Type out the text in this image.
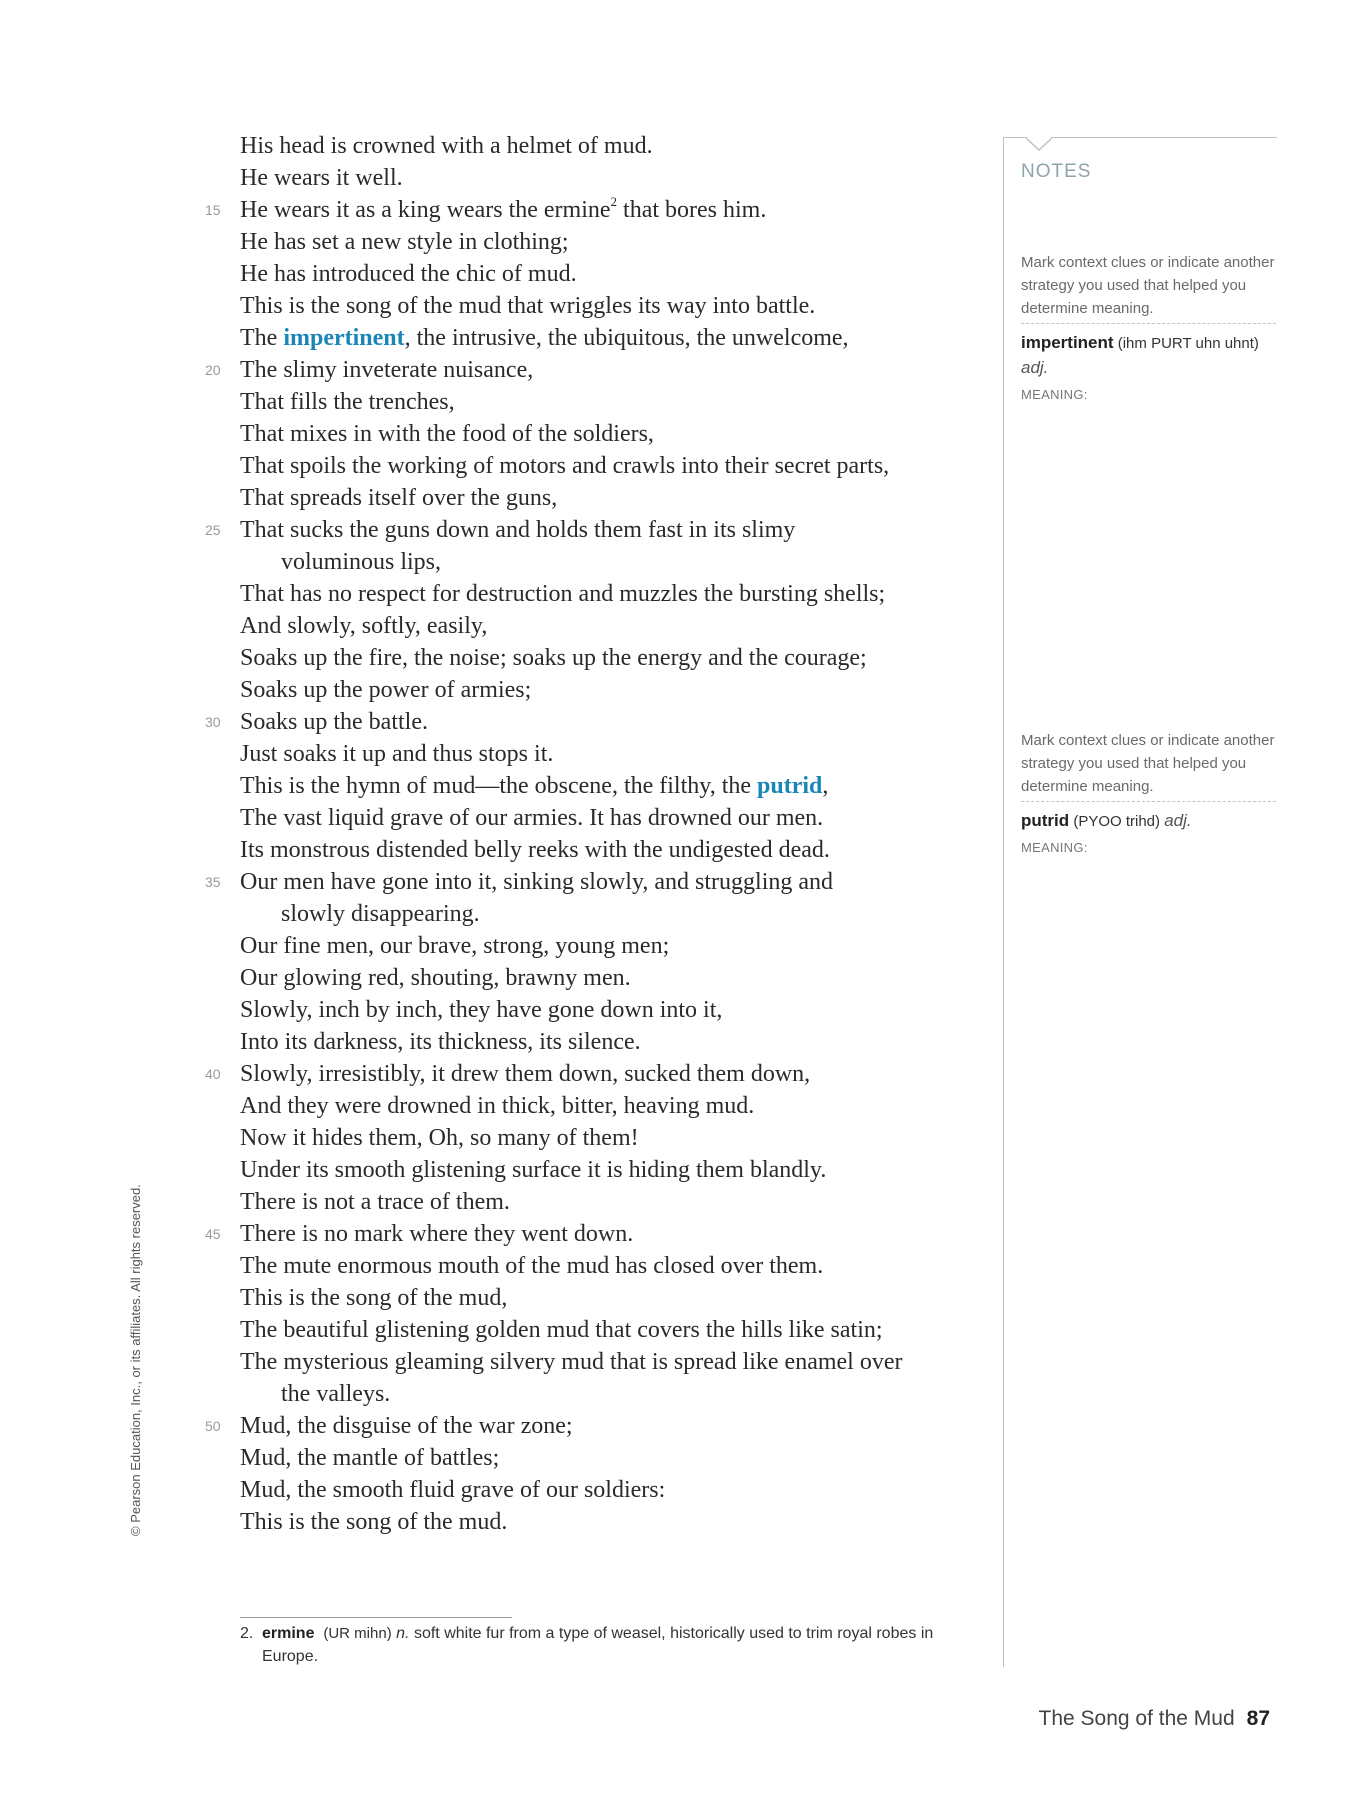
His head is crowned with a helmet of mud.
He wears it well.
15 He wears it as a king wears the ermine$^2$ that bores him.
He has set a new style in clothing;
He has introduced the chic of mud.
This is the song of the mud that wriggles its way into battle.
The impertinent, the intrusive, the ubiquitous, the unwelcome,
20 The slimy inveterate nuisance,
That fills the trenches,
That mixes in with the food of the soldiers,
That spoils the working of motors and crawls into their secret parts,
That spreads itself over the guns,
25 That sucks the guns down and holds them fast in its slimy
voluminous lips,
That has no respect for destruction and muzzles the bursting shells;
And slowly, softly, easily,
Soaks up the fire, the noise; soaks up the energy and the courage;
Soaks up the power of armies;
30 Soaks up the battle.
Just soaks it up and thus stops it.
This is the hymn of mud—the obscene, the filthy, the putrid,
The vast liquid grave of our armies. It has drowned our men.
Its monstrous distended belly reeks with the undigested dead.
35 Our men have gone into it, sinking slowly, and struggling and
slowly disappearing.
Our fine men, our brave, strong, young men;
Our glowing red, shouting, brawny men.
Slowly, inch by inch, they have gone down into it,
Into its darkness, its thickness, its silence.
40 Slowly, irresistibly, it drew them down, sucked them down,
And they were drowned in thick, bitter, heaving mud.
Now it hides them, Oh, so many of them!
Under its smooth glistening surface it is hiding them blandly.
There is not a trace of them.
45 There is no mark where they went down.
The mute enormous mouth of the mud has closed over them.
This is the song of the mud,
The beautiful glistening golden mud that covers the hills like satin;
The mysterious gleaming silvery mud that is spread like enamel over
the valleys.
50 Mud, the disguise of the war zone;
Mud, the mantle of battles;
Mud, the smooth fluid grave of our soldiers:
This is the song of the mud.
NOTES
Mark context clues or indicate another strategy you used that helped you determine meaning.
impertinent (ihm PURT uhn uhnt) adj.
MEANING:
Mark context clues or indicate another strategy you used that helped you determine meaning.
putrid (PYOO trihd) adj.
MEANING:
© Pearson Education, Inc., or its affiliates. All rights reserved.
2. ermine (UR mihn) n. soft white fur from a type of weasel, historically used to trim royal robes in Europe.
The Song of the Mud 87
